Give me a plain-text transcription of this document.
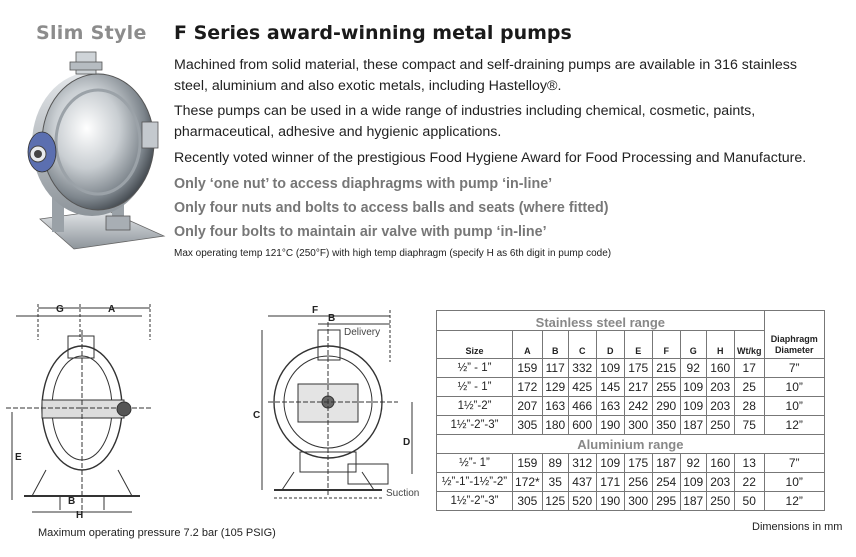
Slim Style F Series award-winning metal pumps
Machined from solid material, these compact and self-draining pumps are available in 316 stainless steel, aluminium and also exotic metals, including Hastelloy®.
These pumps can be used in a wide range of industries including chemical, cosmetic, paints, pharmaceutical, adhesive and hygienic applications.
Recently voted winner of the prestigious Food Hygiene Award for Food Processing and Manufacture.
Only ‘one nut’ to access diaphragms with pump ‘in-line’
Only four nuts and bolts to access balls and seats (where fitted)
Only four bolts to maintain air valve with pump ‘in-line’
Max operating temp 121°C (250°F) with high temp diaphragm (specify H as 6th digit in pump code)
G	A
E
B
H
F
B
C
D
Delivery
Suction
Maximum operating pressure 7.2 bar (105 PSIG)	Dimensions in mm
Stainless steel range										Diaphragm Diameter
Size	A	B	C	D	E	F	G	H	Wt/kg	
½” - 1”	159	117	332	109	175	215	92	160	17	7”
½” - 1”	172	129	425	145	217	255	109	203	25	10”
1½”-2”	207	163	466	163	242	290	109	203	28	10”
1½”-2”-3”	305	180	600	190	300	350	187	250	75	12”
Aluminium range										
½”- 1”	159	89	312	109	175	187	92	160	13	7”
½”-1”-1½”-2”	172*	35	437	171	256	254	109	203	22	10”
1½”-2”-3”	305	125	520	190	300	295	187	250	50	12”
